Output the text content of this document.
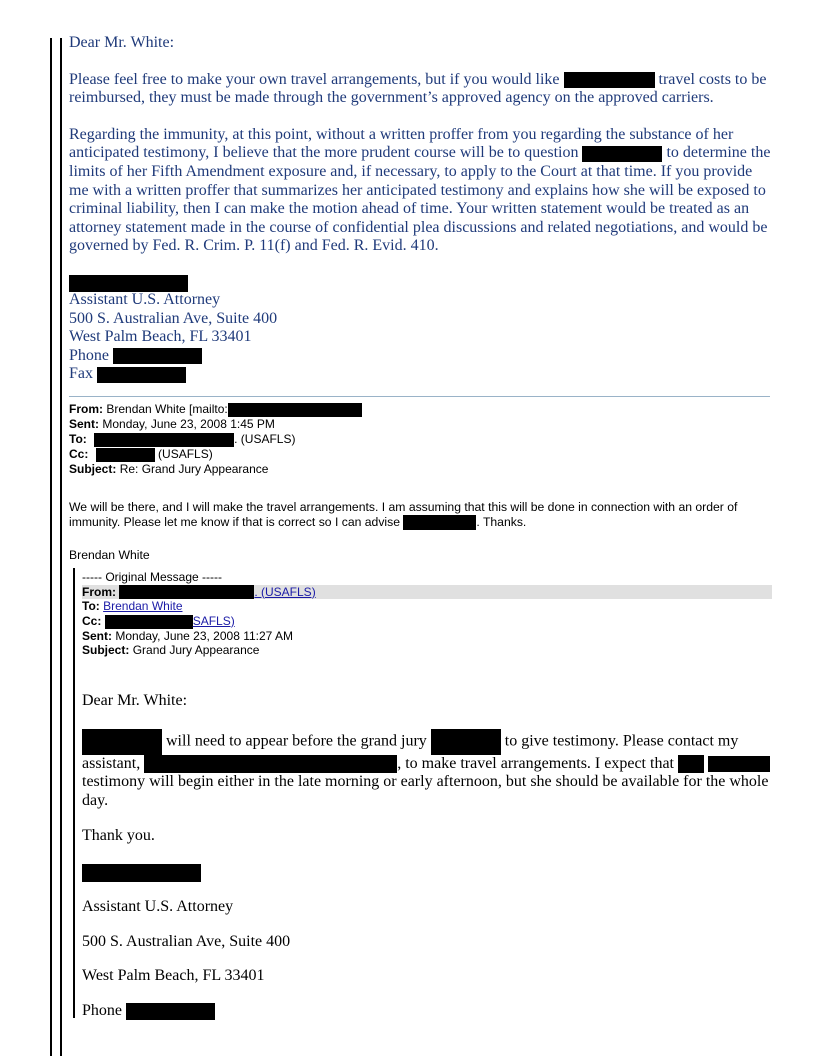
Dear Mr. White:

Please feel free to make your own travel arrangements, but if you would like	travel costs to be reimbursed, they must be made through the government’s approved agency on the approved carriers.

Regarding the immunity, at this point, without a written proffer from you regarding the substance of her anticipated testimony, I believe that the more prudent course will be to question	to determine the limits of her Fifth Amendment exposure and, if necessary, to apply to the Court at that time. If you provide me with a written proffer that summarizes her anticipated testimony and explains how she will be exposed to criminal liability, then I can make the motion ahead of time. Your written statement would be treated as an attorney statement made in the course of confidential plea discussions and related negotiations, and would be governed by Fed. R. Crim. P. 11(f) and Fed. R. Evid. 410.

Assistant U.S. Attorney

500 S. Australian Ave, Suite 400

West Palm Beach, FL 33401

Phone

Fax

From: Brendan White [mailto:
Sent: Monday, June 23, 2008 1:45 PM
To:	. (USAFLS)
Cc:	(USAFLS)
Subject: Re: Grand Jury Appearance
We will be there, and I will make the travel arrangements. I am assuming that this will be done in connection with an order of immunity. Please let me know if that is correct so I can advise	. Thanks.
Brendan White
----- Original Message -----
From:	. (USAFLS)
To: Brendan White
Cc:	SAFLS)
Sent: Monday, June 23, 2008 11:27 AM
Subject: Grand Jury Appearance

Dear Mr. White:

will need to appear before the grand jury	to give testimony. Please contact my assistant,	, to make travel arrangements. I expect that   testimony will begin either in the late morning or early afternoon, but she should be available for the whole day.

Thank you.

Assistant U.S. Attorney

500 S. Australian Ave, Suite 400

West Palm Beach, FL 33401

Phone
